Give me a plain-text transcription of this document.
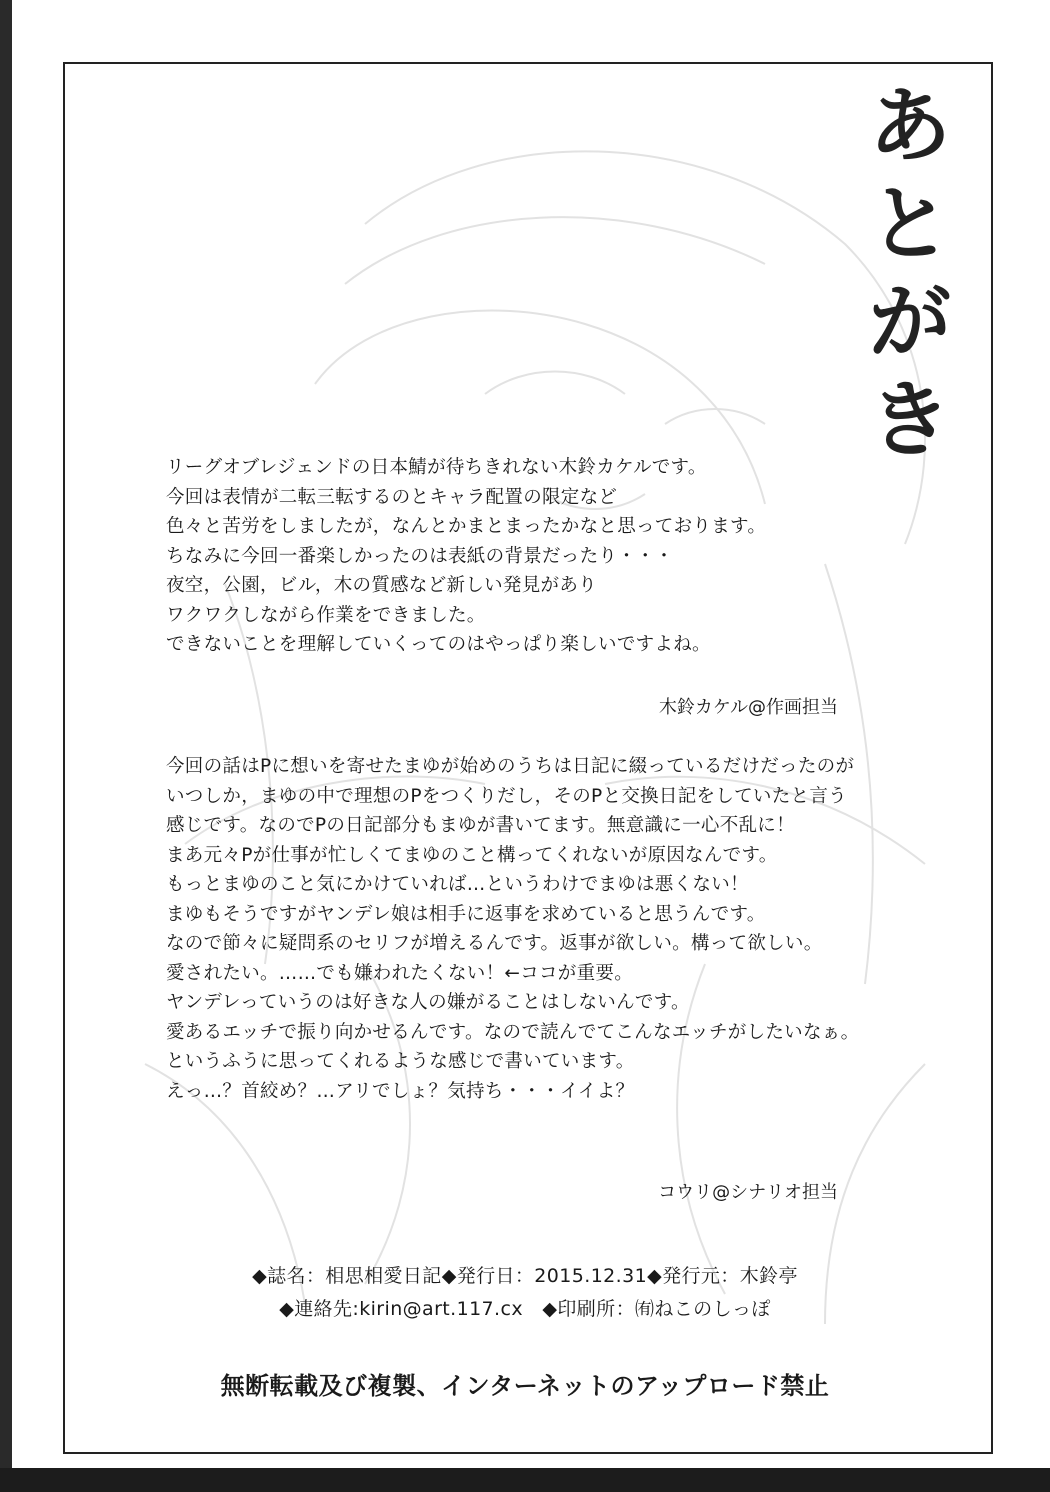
あ
と
が
き
リーグオブレジェンドの日本鯖が待ちきれない木鈴カケルです。
今回は表情が二転三転するのとキャラ配置の限定など
色々と苦労をしましたが，なんとかまとまったかなと思っております。
ちなみに今回一番楽しかったのは表紙の背景だったり・・・
夜空，公園，ビル，木の質感など新しい発見があり
ワクワクしながら作業をできました。
できないことを理解していくってのはやっぱり楽しいですよね。
木鈴カケル@作画担当
今回の話はPに想いを寄せたまゆが始めのうちは日記に綴っているだけだったのが
いつしか，まゆの中で理想のPをつくりだし，そのPと交換日記をしていたと言う
感じです。なのでPの日記部分もまゆが書いてます。無意識に一心不乱に！
まあ元々Pが仕事が忙しくてまゆのこと構ってくれないが原因なんです。
もっとまゆのこと気にかけていれば…というわけでまゆは悪くない！
まゆもそうですがヤンデレ娘は相手に返事を求めていると思うんです。
なので節々に疑問系のセリフが増えるんです。返事が欲しい。構って欲しい。
愛されたい。……でも嫌われたくない！←ココが重要。
ヤンデレっていうのは好きな人の嫌がることはしないんです。
愛あるエッチで振り向かせるんです。なので読んでてこんなエッチがしたいなぁ。
というふうに思ってくれるような感じで書いています。
えっ…？首絞め？…アリでしょ？気持ち・・・イイよ？
コウリ@シナリオ担当
◆誌名：相思相愛日記◆発行日：2015.12.31◆発行元：木鈴亭
◆連絡先:kirin@art.117.cx　◆印刷所：㈲ねこのしっぽ
無断転載及び複製、インターネットのアップロード禁止
